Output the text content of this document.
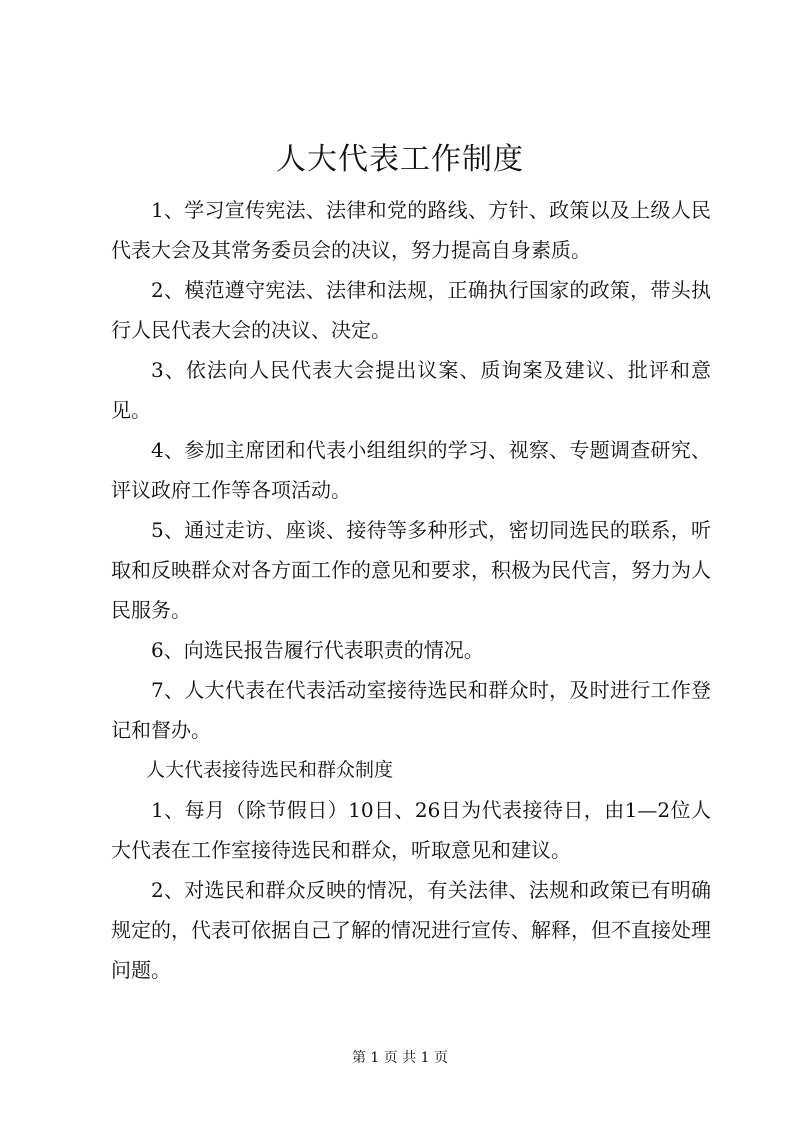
人大代表工作制度

1、学习宣传宪法、法律和党的路线、方针、政策以及上级人民代表大会及其常务委员会的决议，努力提高自身素质。

2、模范遵守宪法、法律和法规，正确执行国家的政策，带头执行人民代表大会的决议、决定。

3、依法向人民代表大会提出议案、质询案及建议、批评和意见。

4、参加主席团和代表小组组织的学习、视察、专题调查研究、评议政府工作等各项活动。

5、通过走访、座谈、接待等多种形式，密切同选民的联系，听取和反映群众对各方面工作的意见和要求，积极为民代言，努力为人民服务。

6、向选民报告履行代表职责的情况。

7、人大代表在代表活动室接待选民和群众时，及时进行工作登记和督办。

人大代表接待选民和群众制度

1、每月（除节假日）10日、26日为代表接待日，由1—2位人大代表在工作室接待选民和群众，听取意见和建议。

2、对选民和群众反映的情况，有关法律、法规和政策已有明确规定的，代表可依据自己了解的情况进行宣传、解释，但不直接处理问题。

第 1 页 共 1 页
